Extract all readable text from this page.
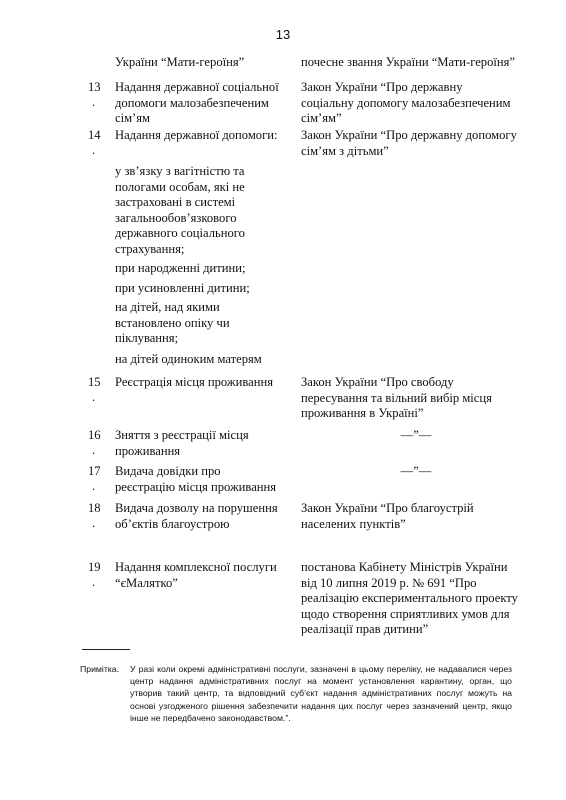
13
України “Мати-героїня”	почесне звання України “Мати-героїня”
13
.
Надання державної соціальної
допомоги малозабезпеченим
сім’ям
Закон України “Про державну
соціальну допомогу малозабезпеченим
сім’ям”
14
.
Надання державної допомоги: Закон України “Про державну допомогу
сім’ям з дітьми”
у зв’язку з вагітністю та
пологами особам, які не
застраховані в системі
загальнообов’язкового
державного соціального
страхування;
при народженні дитини;
при усиновленні дитини;
на дітей, над якими
встановлено опіку чи
піклування;
на дітей одиноким матерям
15
.
Реєстрація місця проживання Закон України “Про свободу
пересування та вільний вибір місця
проживання в Україні”
16
.
Зняття з реєстрації місця
проживання
—”—
17
.
Видача довідки про
реєстрацію місця проживання
—”—
18
.
Видача дозволу на порушення
об’єктів благоустрою
Закон України “Про благоустрій
населених пунктів”
19
.
Надання комплексної послуги
“єМалятко”
постанова Кабінету Міністрів України
від 10 липня 2019 р. № 691 “Про
реалізацію експериментального проекту
щодо створення сприятливих умов для
реалізації прав дитини”
Примітка. У разі коли окремі адміністративні послуги, зазначені в цьому переліку, не надавалися через центр надання адміністративних послуг на момент установлення карантину, орган, що утворив такий центр, та відповідний суб’єкт надання адміністративних послуг можуть на основі узгодженого рішення забезпечити надання цих послуг через зазначений центр, якщо інше не передбачено законодавством.”.
